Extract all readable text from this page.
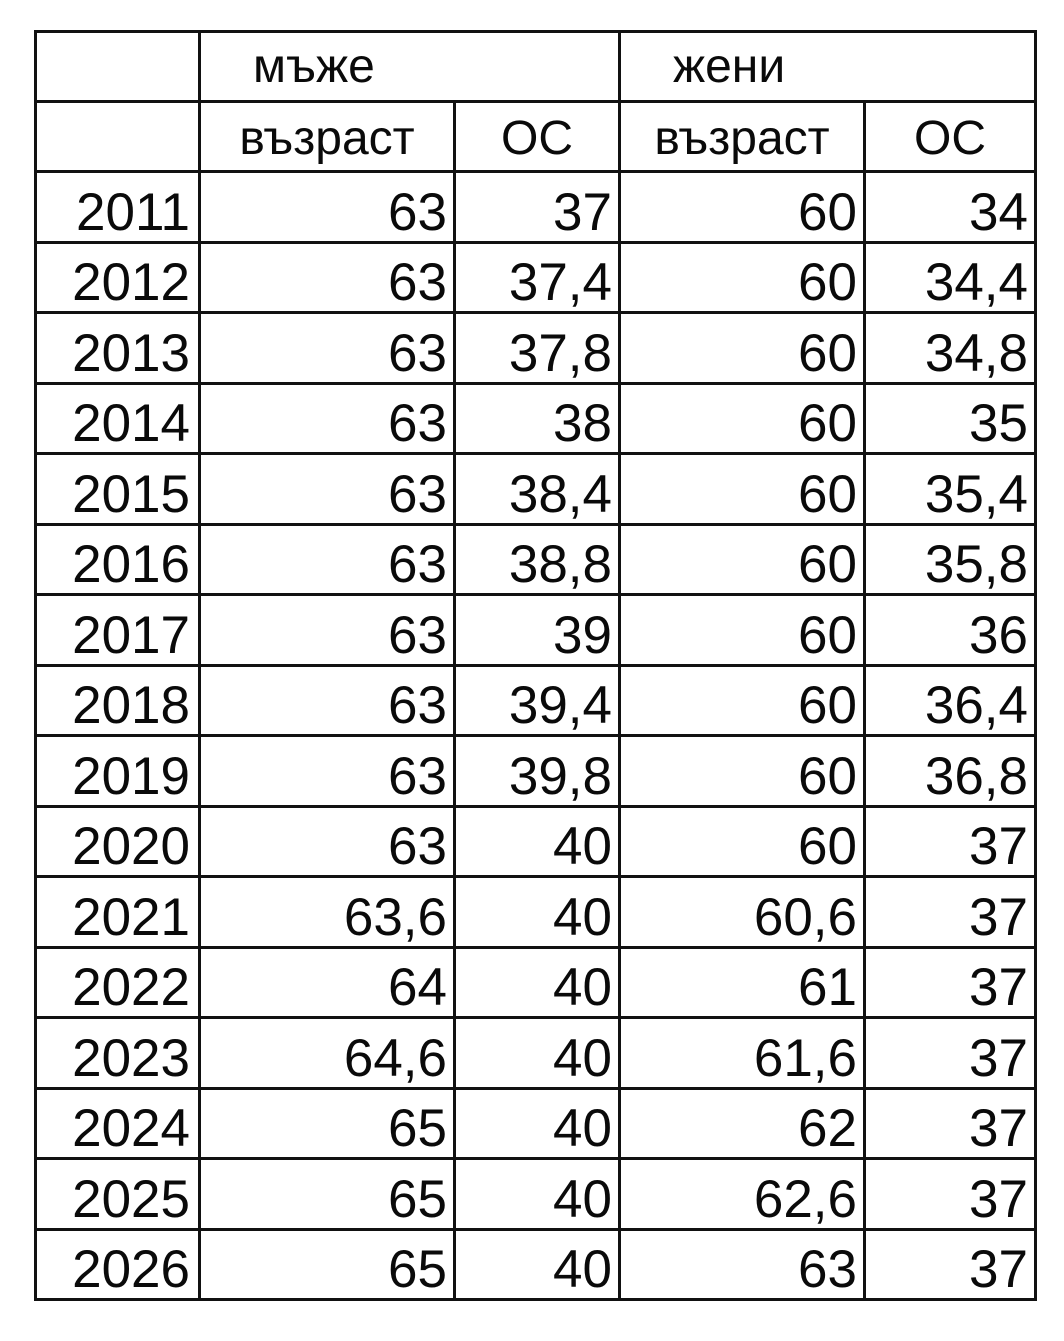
	мъже		жени	
	възраст	ОС	възраст	ОС
2011	63	37	60	34
2012	63	37,4	60	34,4
2013	63	37,8	60	34,8
2014	63	38	60	35
2015	63	38,4	60	35,4
2016	63	38,8	60	35,8
2017	63	39	60	36
2018	63	39,4	60	36,4
2019	63	39,8	60	36,8
2020	63	40	60	37
2021	63,6	40	60,6	37
2022	64	40	61	37
2023	64,6	40	61,6	37
2024	65	40	62	37
2025	65	40	62,6	37
2026	65	40	63	37
